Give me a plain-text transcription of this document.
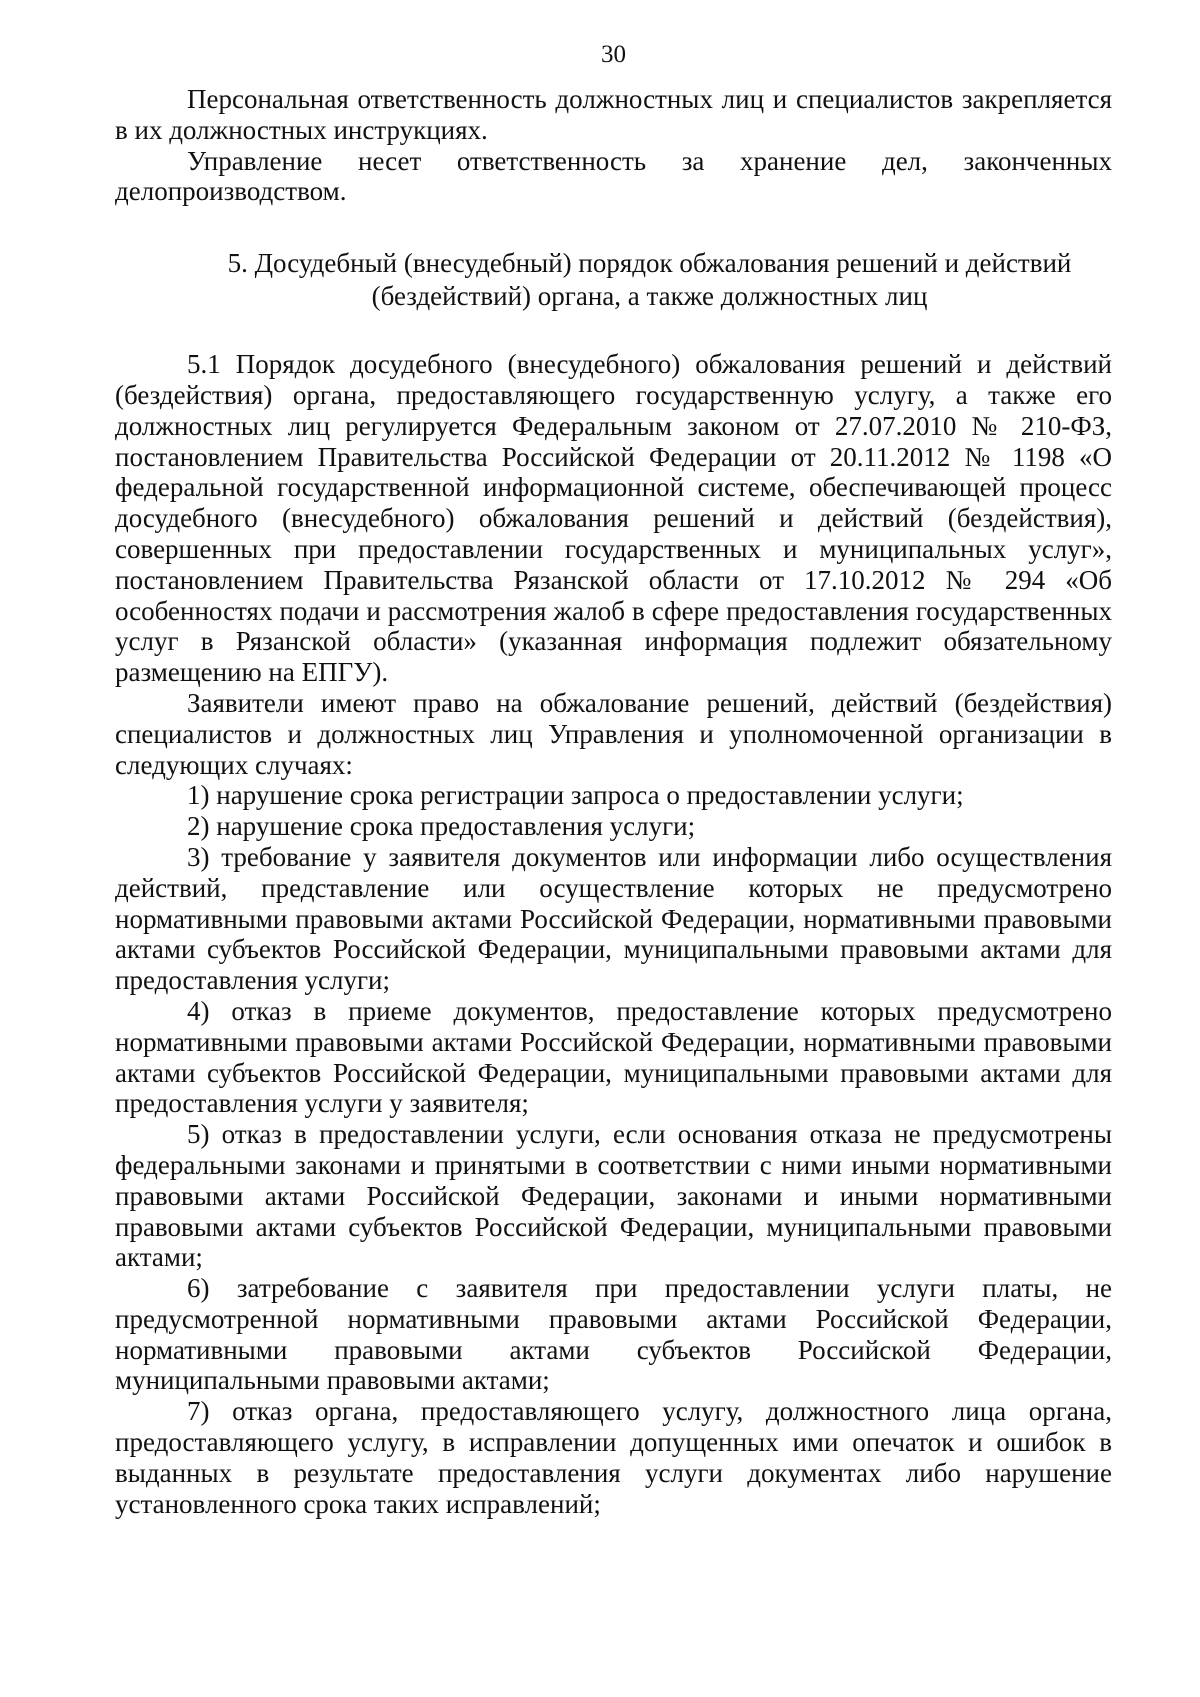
30

Персональная ответственность должностных лиц и специалистов закрепляется в их должностных инструкциях.

Управление несет ответственность за хранение дел, законченных делопроизводством.

5. Досудебный (внесудебный) порядок обжалования решений и действий
(бездействий) органа, а также должностных лиц

5.1 Порядок досудебного (внесудебного) обжалования решений и действий (бездействия) органа, предоставляющего государственную услугу, а также его должностных лиц регулируется Федеральным законом от 27.07.2010 № 210-ФЗ, постановлением Правительства Российской Федерации от 20.11.2012 № 1198 «О федеральной государственной информационной системе, обеспечивающей процесс досудебного (внесудебного) обжалования решений и действий (бездействия), совершенных при предоставлении государственных и муниципальных услуг», постановлением Правительства Рязанской области от 17.10.2012 № 294 «Об особенностях подачи и рассмотрения жалоб в сфере предоставления государственных услуг в Рязанской области» (указанная информация подлежит обязательному размещению на ЕПГУ).

Заявители имеют право на обжалование решений, действий (бездействия) специалистов и должностных лиц Управления и уполномоченной организации в следующих случаях:

1) нарушение срока регистрации запроса о предоставлении услуги;

2) нарушение срока предоставления услуги;

3) требование у заявителя документов или информации либо осуществления действий, представление или осуществление которых не предусмотрено нормативными правовыми актами Российской Федерации, нормативными правовыми актами субъектов Российской Федерации, муниципальными правовыми актами для предоставления услуги;

4) отказ в приеме документов, предоставление которых предусмотрено нормативными правовыми актами Российской Федерации, нормативными правовыми актами субъектов Российской Федерации, муниципальными правовыми актами для предоставления услуги у заявителя;

5) отказ в предоставлении услуги, если основания отказа не предусмотрены федеральными законами и принятыми в соответствии с ними иными нормативными правовыми актами Российской Федерации, законами и иными нормативными правовыми актами субъектов Российской Федерации, муниципальными правовыми актами;

6) затребование с заявителя при предоставлении услуги платы, не предусмотренной нормативными правовыми актами Российской Федерации, нормативными правовыми актами субъектов Российской Федерации, муниципальными правовыми актами;

7) отказ органа, предоставляющего услугу, должностного лица органа, предоставляющего услугу, в исправлении допущенных ими опечаток и ошибок в выданных в результате предоставления услуги документах либо нарушение установленного срока таких исправлений;
